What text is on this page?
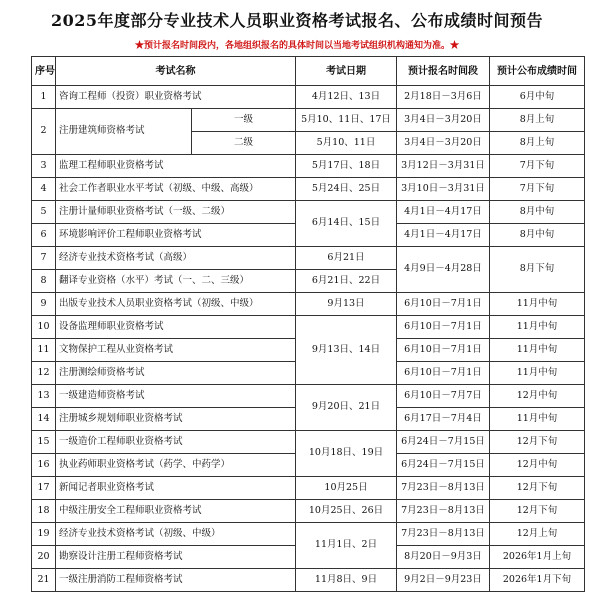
2025年度部分专业技术人员职业资格考试报名、公布成绩时间预告
★预计报名时间段内，各地组织报名的具体时间以当地考试组织机构通知为准。★
序号	考试名称		考试日期	预计报名时间段	预计公布成绩时间
1	咨询工程师（投资）职业资格考试		4月12日、13日	2月18日－3月6日	6月中旬
2	注册建筑师资格考试	一级	5月10、11日、17日	3月4日－3月20日	8月上旬
		二级	5月10、11日	3月4日－3月20日	8月上旬
3	监理工程师职业资格考试		5月17日、18日	3月12日－3月31日	7月下旬
4	社会工作者职业水平考试（初级、中级、高级）		5月24日、25日	3月10日－3月31日	7月下旬
5	注册计量师职业资格考试（一级、二级）		6月14日、15日	4月1日－4月17日	8月中旬
6	环境影响评价工程师职业资格考试			4月1日－4月17日	8月中旬
7	经济专业技术资格考试（高级）		6月21日	4月9日－4月28日	8月下旬
8	翻译专业资格（水平）考试（一、二、三级）		6月21日、22日		
9	出版专业技术人员职业资格考试（初级、中级）		9月13日	6月10日－7月1日	11月中旬
10	设备监理师职业资格考试		9月13日、14日	6月10日－7月1日	11月中旬
11	文物保护工程从业资格考试			6月10日－7月1日	11月中旬
12	注册测绘师资格考试			6月10日－7月1日	11月中旬
13	一级建造师资格考试		9月20日、21日	6月10日－7月7日	12月中旬
14	注册城乡规划师职业资格考试			6月17日－7月4日	11月中旬
15	一级造价工程师职业资格考试		10月18日、19日	6月24日－7月15日	12月下旬
16	执业药师职业资格考试（药学、中药学）			6月24日－7月15日	12月中旬
17	新闻记者职业资格考试		10月25日	7月23日－8月13日	12月下旬
18	中级注册安全工程师职业资格考试		10月25日、26日	7月23日－8月13日	12月下旬
19	经济专业技术资格考试（初级、中级）		11月1日、2日	7月23日－8月13日	12月上旬
20	勘察设计注册工程师资格考试			8月20日－9月3日	2026年1月上旬
21	一级注册消防工程师资格考试		11月8日、9日	9月2日－9月23日	2026年1月下旬
